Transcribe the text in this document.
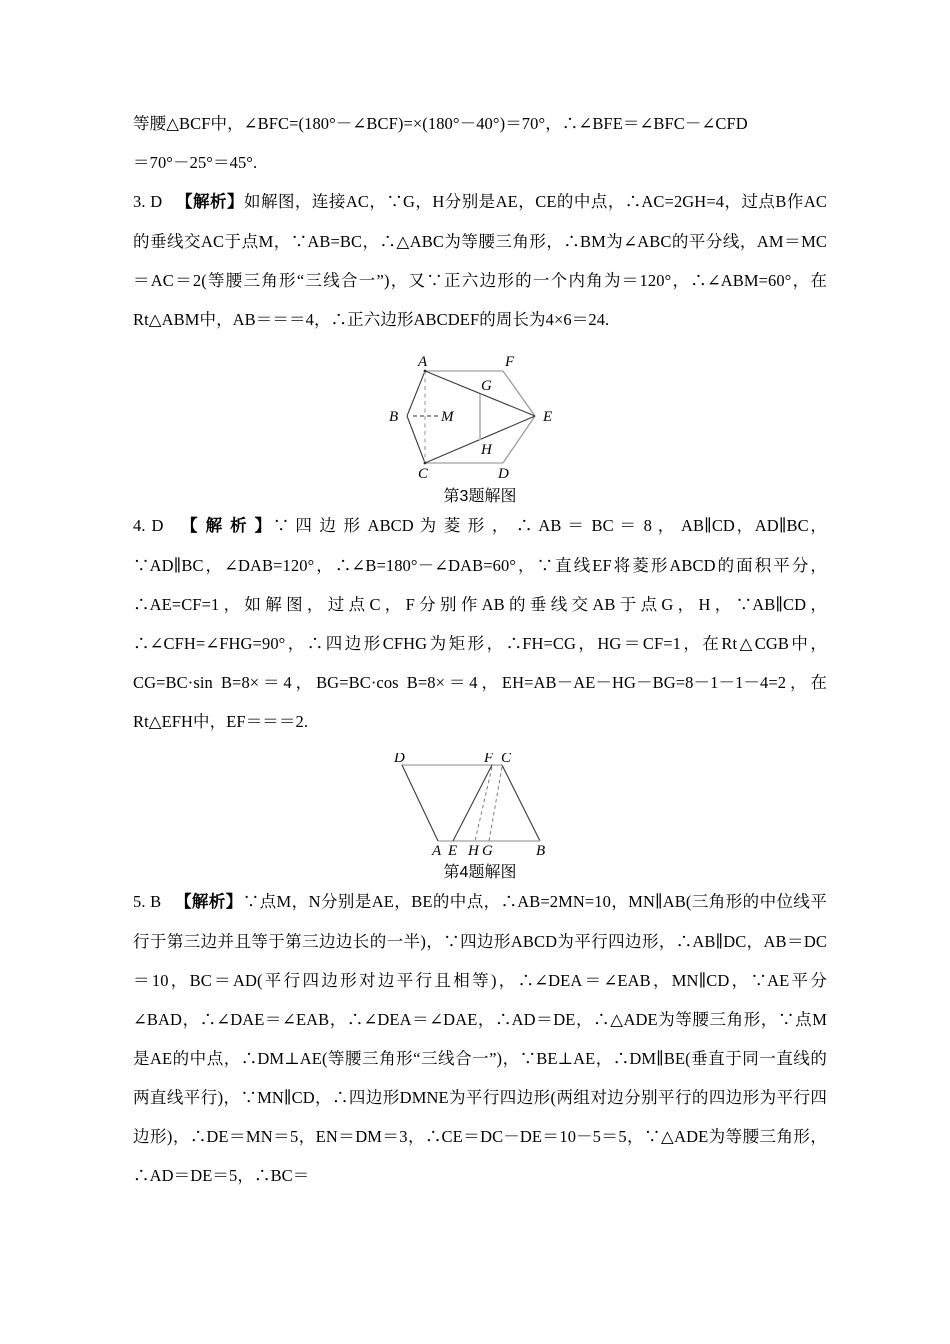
等腰△BCF中，∠BFC=(180°－∠BCF)=×(180°－40°)＝70°，∴∠BFE＝∠BFC－∠CFD

＝70°－25°＝45°.

3. D 【解析】如解图，连接AC，∵G，H分别是AE，CE的中点，∴AC=2GH=4，过点B作AC的垂线交AC于点M，∵AB=BC，∴△ABC为等腰三角形，∴BM为∠ABC的平分线，AM＝MC＝AC＝2(等腰三角形“三线合一”)，又∵正六边形的一个内角为＝120°，∴∠ABM=60°，在Rt△ABM中，AB＝＝＝4，∴正六边形ABCDEF的周长为4×6＝24.

A	F
B	E
C	D
G
H
M
第3题解图

4. D 【 解 析 】∵ 四 边 形 ABCD 为 菱 形 ， ∴ AB ＝ BC ＝ 8 ， AB∥CD，AD∥BC，∵AD∥BC，∠DAB=120°，∴∠B=180°－∠DAB=60°，∵直线EF将菱形ABCD的面积平分，∴AE=CF=1，如解图，过点C，F分别作AB的垂线交AB于点G，H，∵AB∥CD，∴∠CFH=∠FHG=90°，∴四边形CFHG为矩形，∴FH=CG，HG＝CF=1，在Rt△CGB中，CG=BC·sin B=8×＝4，BG=BC·cos B=8×＝4，EH=AB－AE－HG－BG=8－1－1－4=2，在Rt△EFH中，EF＝＝＝2.

D	F C
A E H G	B
第4题解图

5. B 【解析】∵点M，N分别是AE，BE的中点，∴AB=2MN=10，MN∥AB(三角形的中位线平行于第三边并且等于第三边边长的一半)，∵四边形ABCD为平行四边形，∴AB∥DC，AB＝DC＝10，BC＝AD(平行四边形对边平行且相等)，∴∠DEA＝∠EAB，MN∥CD，∵AE平分∠BAD，∴∠DAE＝∠EAB，∴∠DEA＝∠DAE，∴AD＝DE，∴△ADE为等腰三角形，∵点M是AE的中点，∴DM⊥AE(等腰三角形“三线合一”)，∵BE⊥AE，∴DM∥BE(垂直于同一直线的两直线平行)，∵MN∥CD，∴四边形DMNE为平行四边形(两组对边分别平行的四边形为平行四边形)，∴DE＝MN＝5，EN＝DM＝3，∴CE＝DC－DE＝10－5＝5，∵△ADE为等腰三角形，∴AD＝DE＝5，∴BC＝
